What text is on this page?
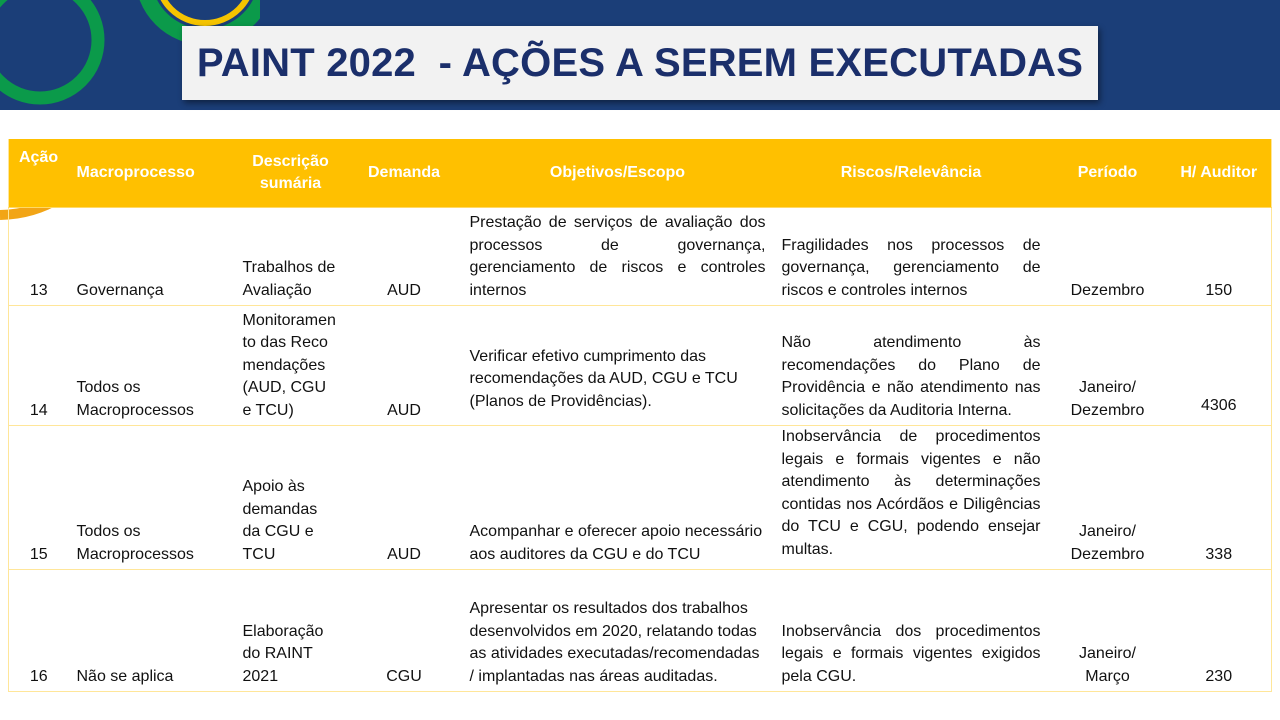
PAINT 2022  - AÇÕES A SEREM EXECUTADAS
Ação	Macroprocesso	Descrição sumária	Demanda	Objetivos/Escopo	Riscos/Relevância	Período	H/ Auditor
13	Governança	Trabalhos de Avaliação	AUD	Prestação de serviços de avaliação dos processos de governança, gerenciamento de riscos e controles internos	Fragilidades nos processos de governança, gerenciamento de riscos e controles internos	Dezembro	150
14	Todos os Macroprocessos	Monitoramento das Recomendações (AUD, CGU e TCU)	AUD	Verificar efetivo cumprimento das recomendações da AUD, CGU e TCU (Planos de Providências).	Não atendimento às recomendações do Plano de Providência e não atendimento nas solicitações da Auditoria Interna.	Janeiro/ Dezembro	4306
15	Todos os Macroprocessos	Apoio às demandas da CGU e TCU	AUD	Acompanhar e oferecer apoio necessário aos auditores da CGU e do TCU	Inobservância de procedimentos legais e formais vigentes e não atendimento às determinações contidas nos Acórdãos e Diligências do TCU e CGU, podendo ensejar multas.	Janeiro/ Dezembro	338
16	Não se aplica	Elaboração do RAINT 2021	CGU	Apresentar os resultados dos trabalhos desenvolvidos em 2020, relatando todas as atividades executadas/recomendadas / implantadas nas áreas auditadas.	Inobservância dos procedimentos legais e formais vigentes exigidos pela CGU.	Janeiro/ Março	230
